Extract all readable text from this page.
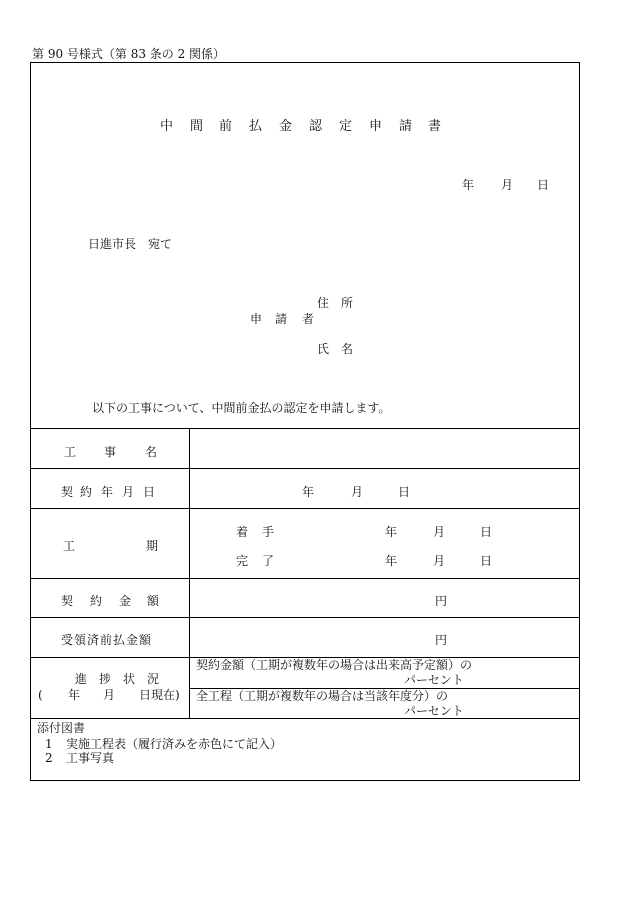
第 90 号様式（第 83 条の 2 関係）
中 間 前 払 金 認 定 申 請 書
年 月 日
日進市長　宛て
住 所
申 請 者
氏 名
以下の工事について、中間前金払の認定を申請します。
工 事 名
契 約 年 月 日	年	月	日
工	期
着 手	年	月	日
完 了	年	月	日
契 約 金 額	円
受領済前払金額	円
進 捗 状 況
( 年 月 日現在)
契約金額（工期が複数年の場合は出来高予定額）の
パーセント
全工程（工期が複数年の場合は当該年度分）の
パーセント
添付図書
1 実施工程表（履行済みを赤色にて記入）
2 工事写真
